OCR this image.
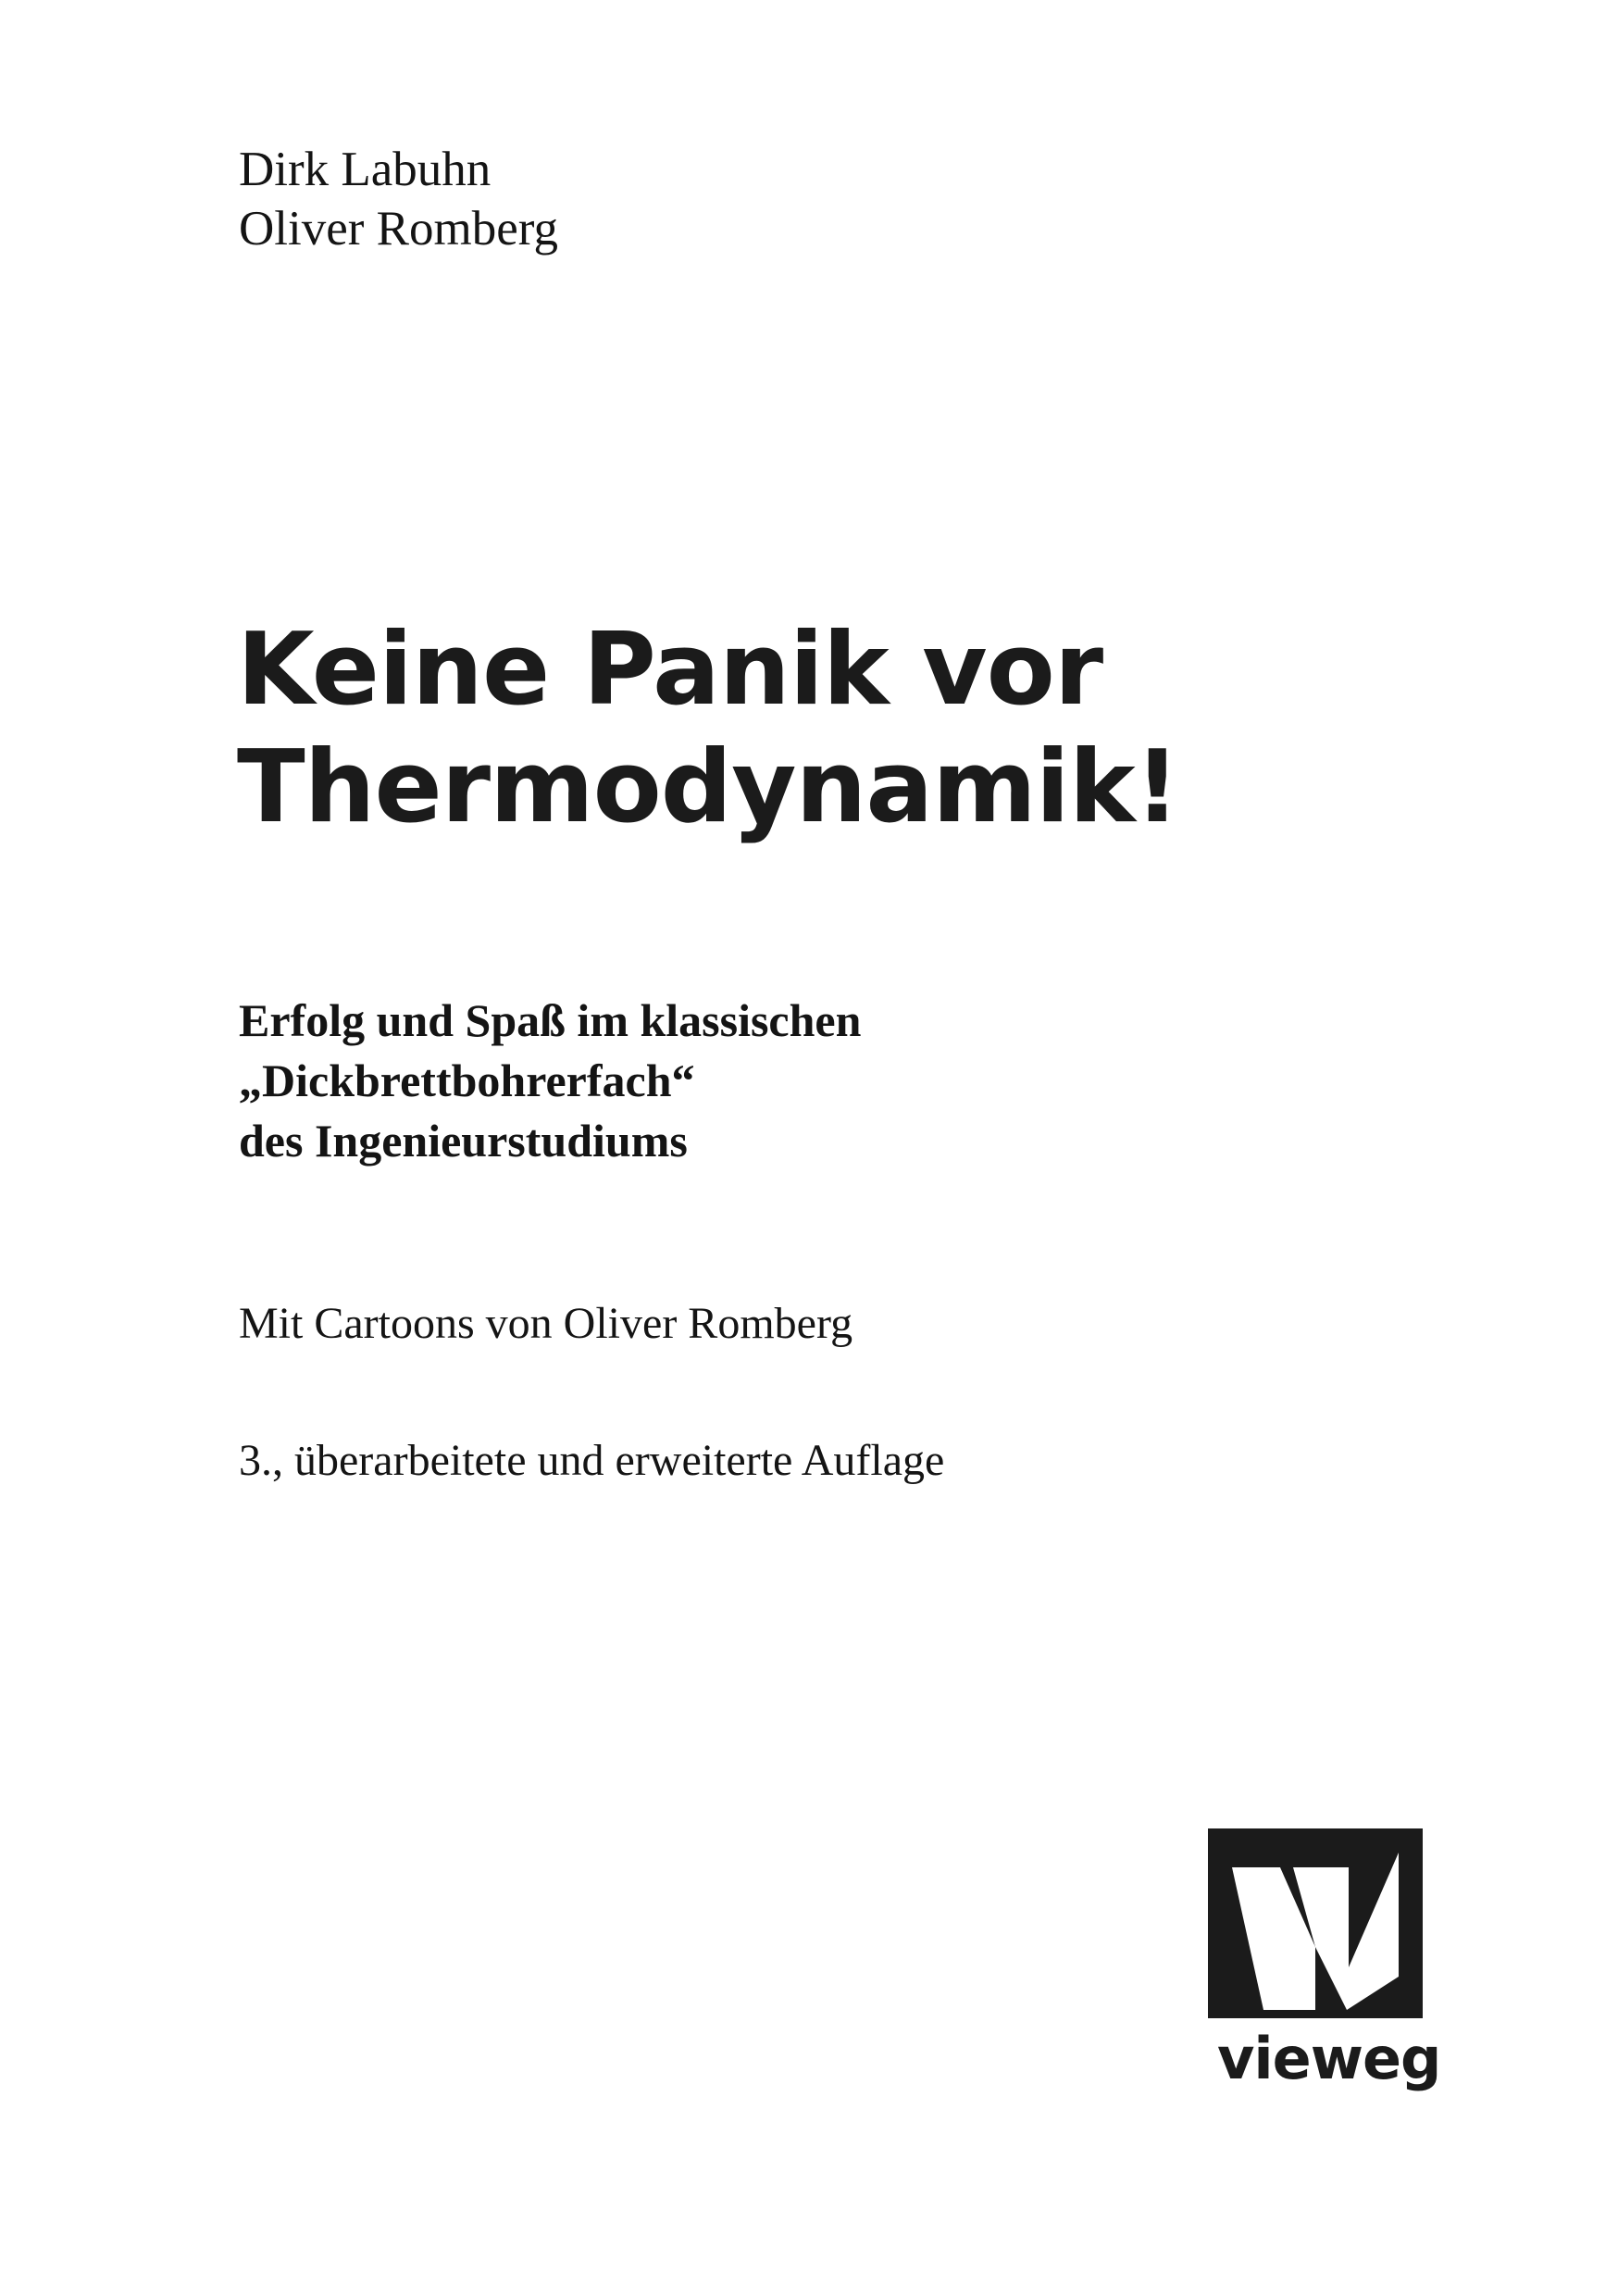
Dirk Labuhn
Oliver Romberg
Keine Panik vor
Thermodynamik!
Erfolg und Spaß im klassischen
„Dickbrettbohrerfach“
des Ingenieurstudiums
Mit Cartoons von Oliver Romberg
3., überarbeitete und erweiterte Auflage
vieweg
